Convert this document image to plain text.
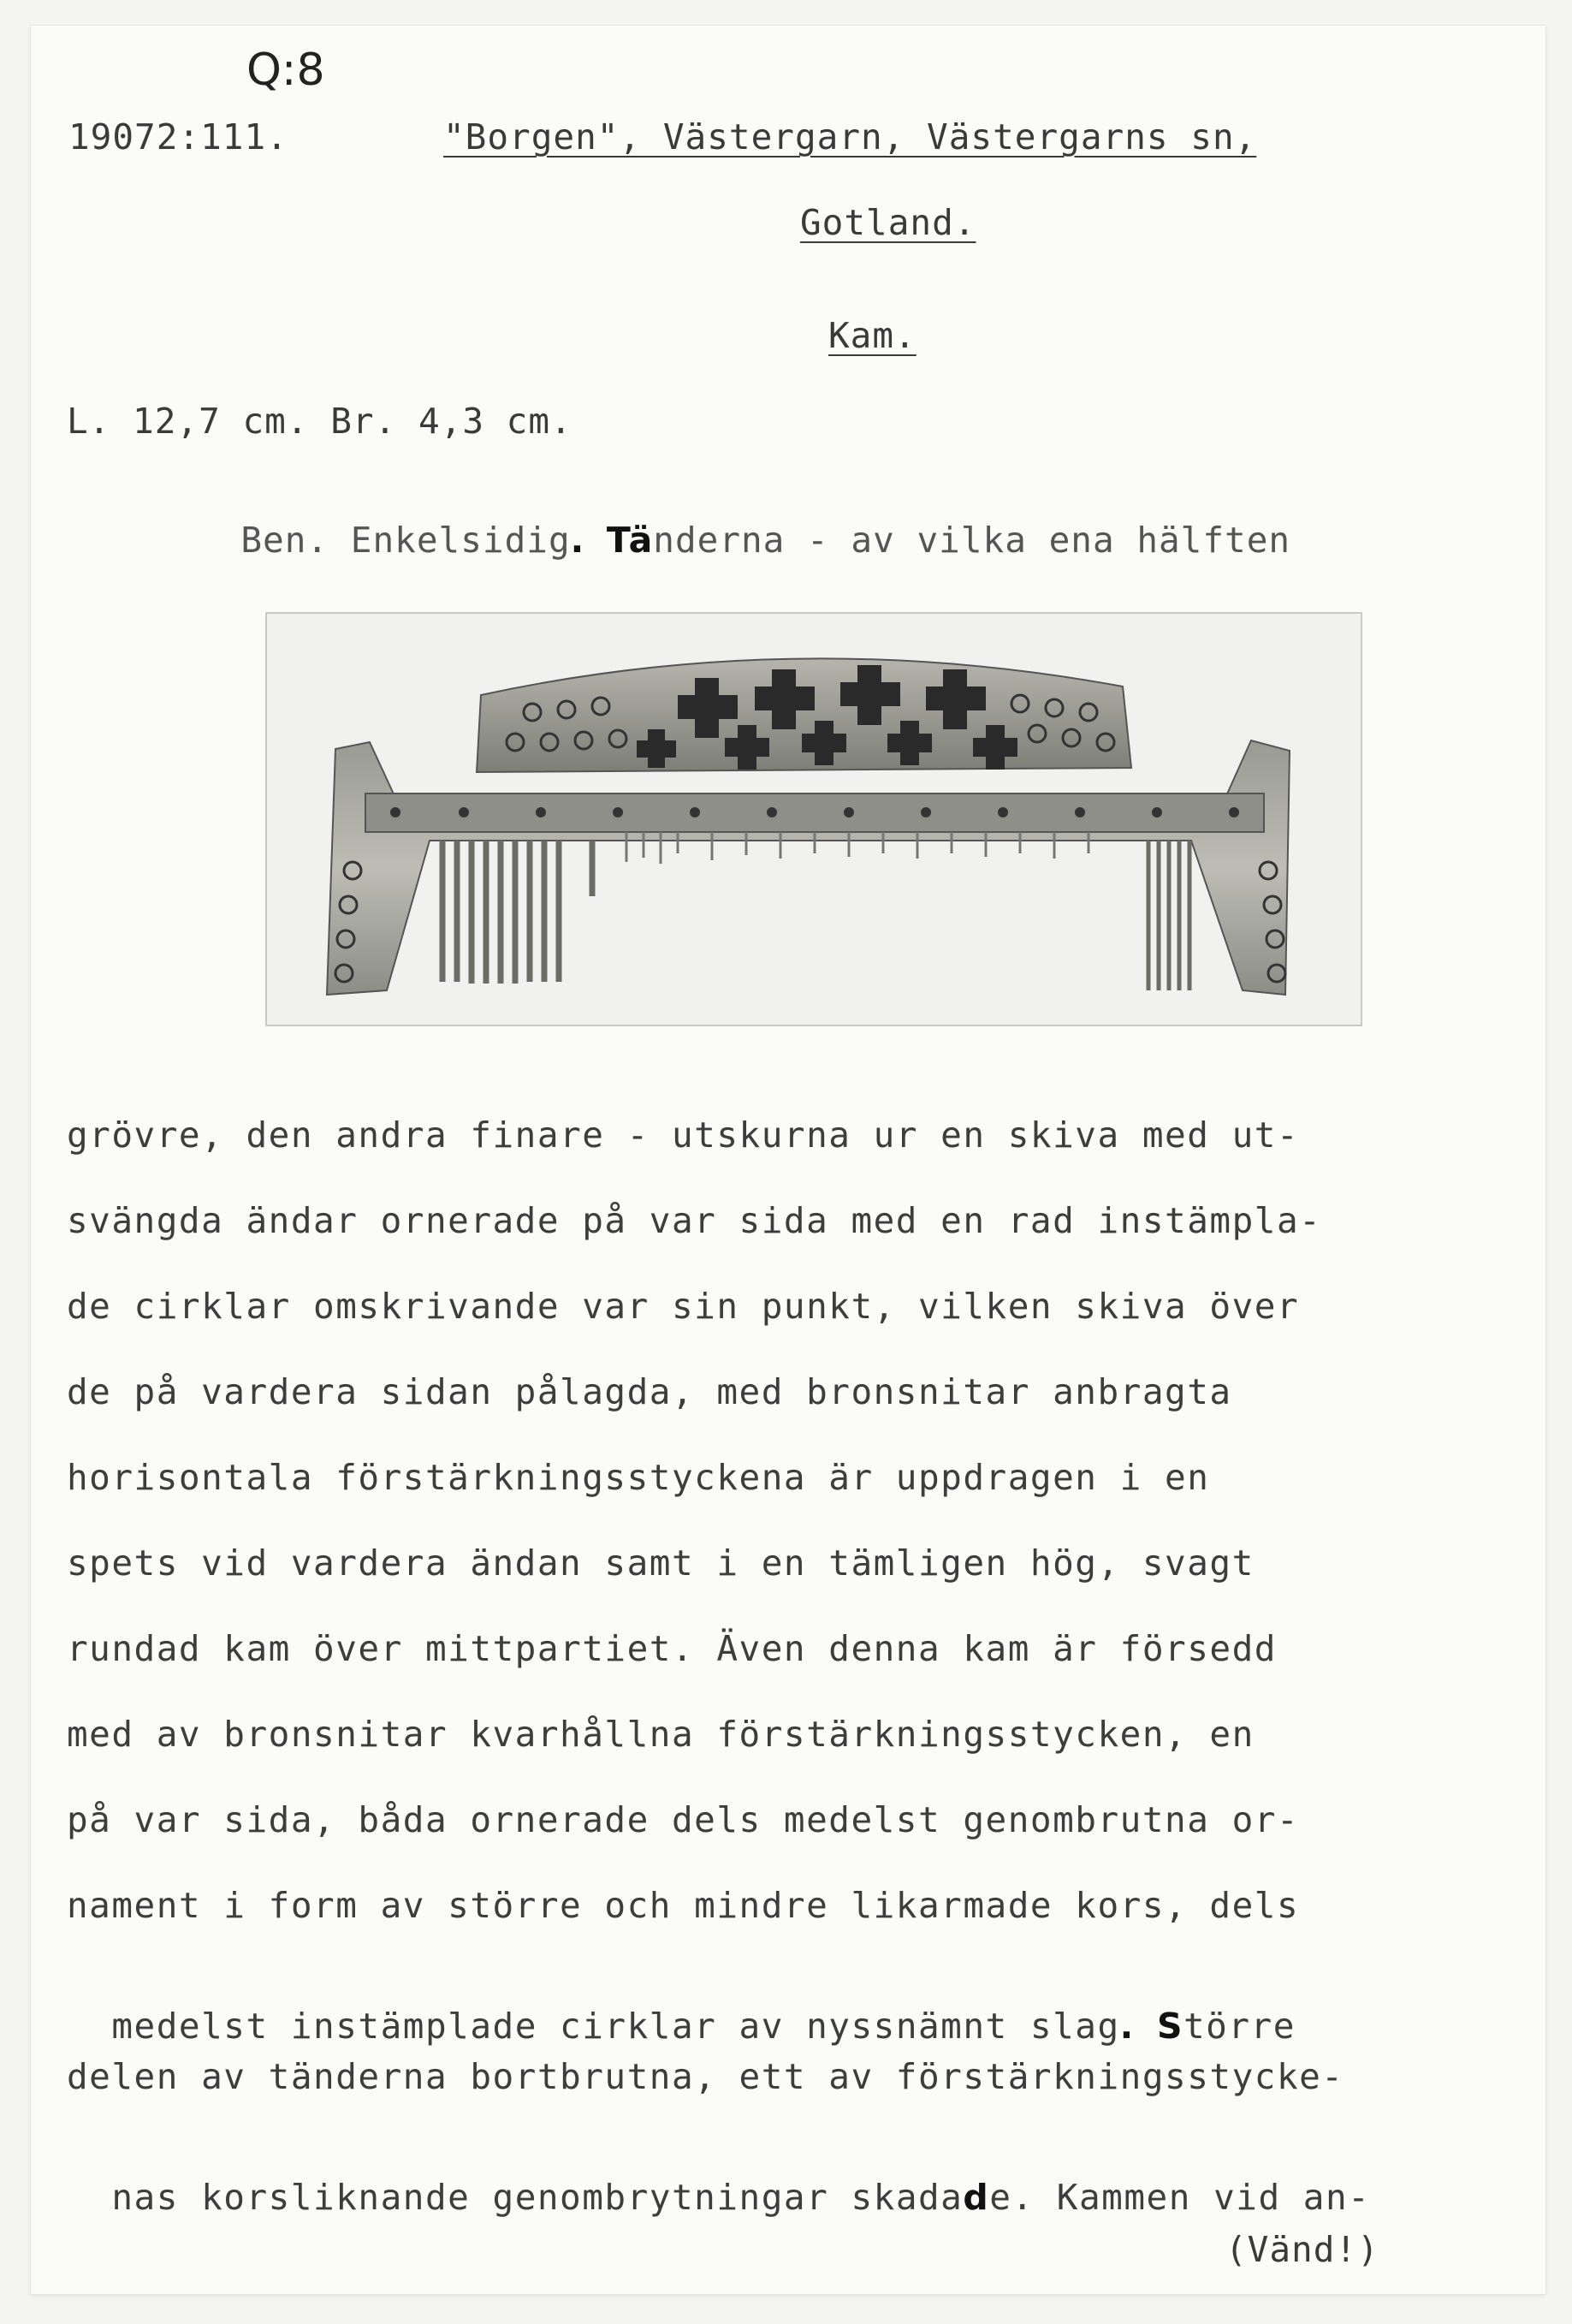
Q:8
19072:111.	"Borgen", Västergarn, Västergarns sn,
Gotland.
Kam.
L. 12,7 cm. Br. 4,3 cm.

Ben. Enkelsidig. Tänderna - av vilka ena hälften

grövre, den andra finare - utskurna ur en skiva med ut-
svängda ändar ornerade på var sida med en rad instämpla-
de cirklar omskrivande var sin punkt, vilken skiva över
de på vardera sidan pålagda, med bronsnitar anbragta
horisontala förstärkningsstyckena är uppdragen i en
spets vid vardera ändan samt i en tämligen hög, svagt
rundad kam över mittpartiet. Även denna kam är försedd
med av bronsnitar kvarhållna förstärkningsstycken, en
på var sida, båda ornerade dels medelst genombrutna or-
nament i form av större och mindre likarmade kors, dels

medelst instämplade cirklar av nyssnämnt slag. Större

delen av tänderna bortbrutna, ett av förstärkningsstycke-

nas korsliknande genombrytningar skadade. Kammen vid an-

(Vänd!)
